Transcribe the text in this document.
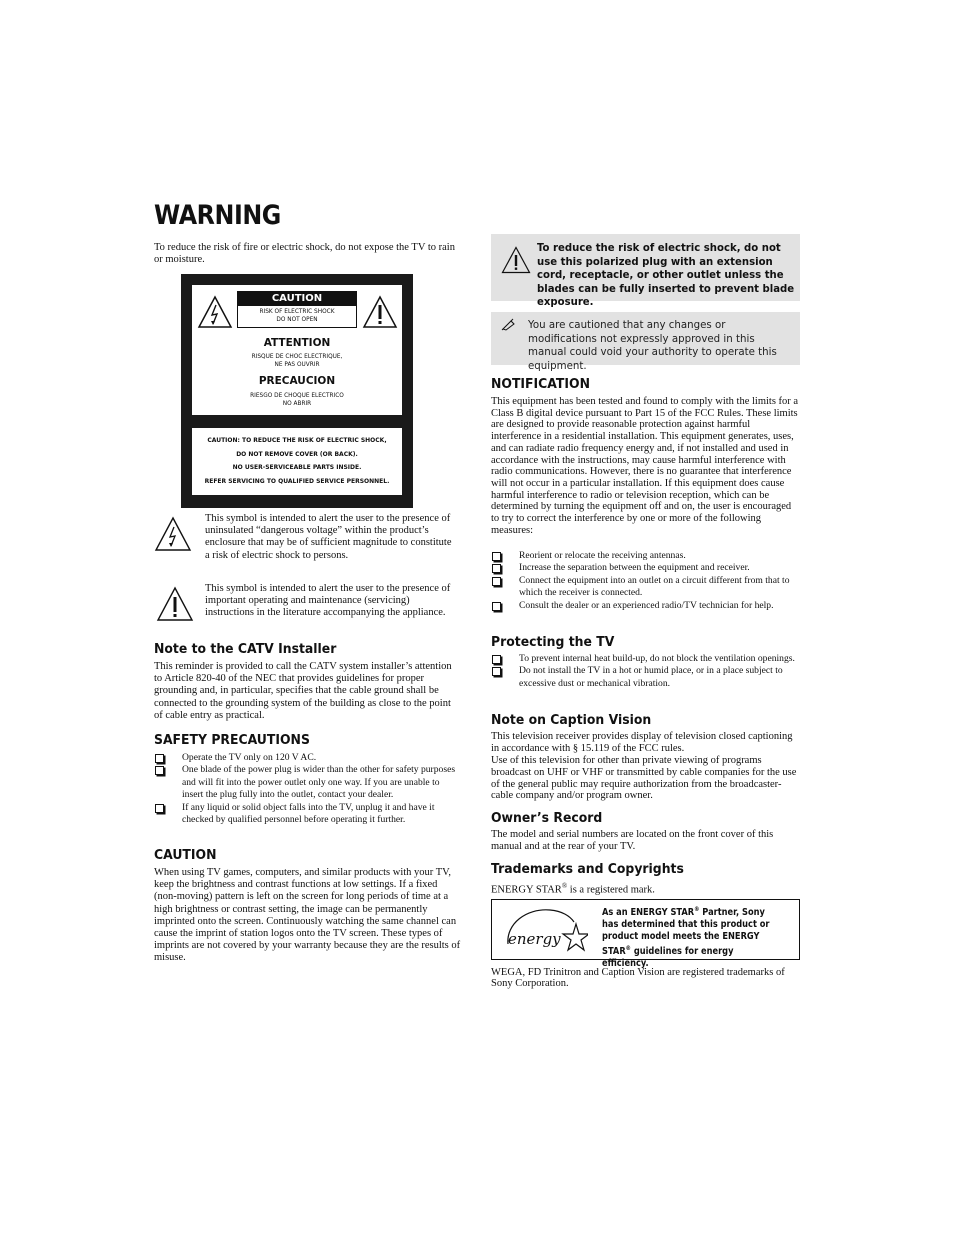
WARNING

To reduce the risk of fire or electric shock, do not expose the TV to rain or moisture.

CAUTION
RISK OF ELECTRIC SHOCK
DO NOT OPEN
ATTENTION
RISQUE DE CHOC ELECTRIQUE,
NE PAS OUVRIR
PRECAUCION
RIESGO DE CHOQUE ELECTRICO
NO ABRIR
CAUTION: TO REDUCE THE RISK OF ELECTRIC SHOCK,
DO NOT REMOVE COVER (OR BACK).
NO USER-SERVICEABLE PARTS INSIDE.
REFER SERVICING TO QUALIFIED SERVICE PERSONNEL.

This symbol is intended to alert the user to the presence of uninsulated “dangerous voltage” within the product’s enclosure that may be of sufficient magnitude to constitute a risk of electric shock to persons.

This symbol is intended to alert the user to the presence of important operating and maintenance (servicing) instructions in the literature accompanying the appliance.

Note to the CATV Installer

This reminder is provided to call the CATV system installer’s attention to Article 820-40 of the NEC that provides guidelines for proper grounding and, in particular, specifies that the cable ground shall be connected to the grounding system of the building as close to the point of cable entry as practical.

SAFETY PRECAUTIONS
Operate the TV only on 120 V AC.
One blade of the power plug is wider than the other for safety purposes and will fit into the power outlet only one way. If you are unable to insert the plug fully into the outlet, contact your dealer.
If any liquid or solid object falls into the TV, unplug it and have it checked by qualified personnel before operating it further.
CAUTION

When using TV games, computers, and similar products with your TV, keep the brightness and contrast functions at low settings. If a fixed (non-moving) pattern is left on the screen for long periods of time at a high brightness or contrast setting, the image can be permanently imprinted onto the screen. Continuously watching the same channel can cause the imprint of station logos onto the TV screen. These types of imprints are not covered by your warranty because they are the results of misuse.

To reduce the risk of electric shock, do not use this polarized plug with an extension cord, receptacle, or other outlet unless the blades can be fully inserted to prevent blade exposure.
You are cautioned that any changes or modifications not expressly approved in this manual could void your authority to operate this equipment.
NOTIFICATION

This equipment has been tested and found to comply with the limits for a Class B digital device pursuant to Part 15 of the FCC Rules. These limits are designed to provide reasonable protection against harmful interference in a residential installation. This equipment generates, uses, and can radiate radio frequency energy and, if not installed and used in accordance with the instructions, may cause harmful interference with radio communications. However, there is no guarantee that interference will not occur in a particular installation. If this equipment does cause harmful interference to radio or television reception, which can be determined by turning the equipment off and on, the user is encouraged to try to correct the interference by one or more of the following measures:

Reorient or relocate the receiving antennas.
Increase the separation between the equipment and receiver.
Connect the equipment into an outlet on a circuit different from that to which the receiver is connected.
Consult the dealer or an experienced radio/TV technician for help.
Protecting the TV
To prevent internal heat build-up, do not block the ventilation openings.
Do not install the TV in a hot or humid place, or in a place subject to excessive dust or mechanical vibration.
Note on Caption Vision

This television receiver provides display of television closed captioning in accordance with § 15.119 of the FCC rules.

Use of this television for other than private viewing of programs broadcast on UHF or VHF or transmitted by cable companies for the use of the general public may require authorization from the broadcaster-cable company and/or program owner.

Owner’s Record

The model and serial numbers are located on the front cover of this manual and at the rear of your TV.

Trademarks and Copyrights

ENERGY STAR® is a registered mark.

energy
As an ENERGY STAR® Partner, Sony has determined that this product or product model meets the ENERGY STAR® guidelines for energy efficiency.

WEGA, FD Trinitron and Caption Vision are registered trademarks of Sony Corporation.
